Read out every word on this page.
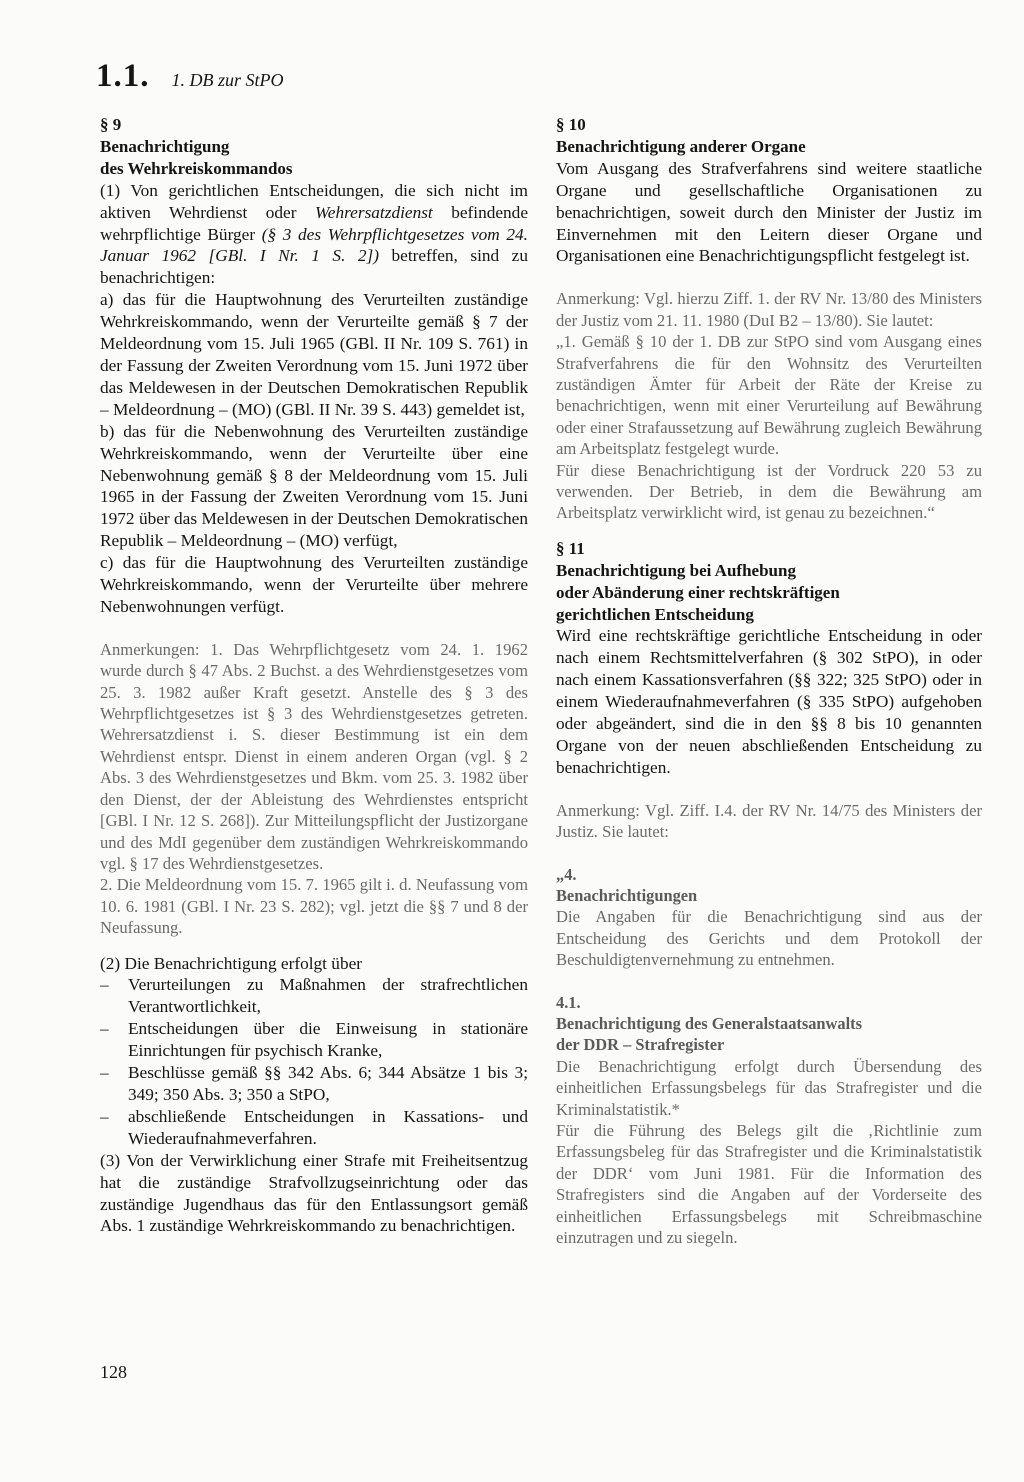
1.1. 1. DB zur StPO

§ 9

Benachrichtigung

des Wehrkreiskommandos

(1) Von gerichtlichen Entscheidungen, die sich nicht im aktiven Wehrdienst oder Wehrersatzdienst befindende wehrpflichtige Bürger (§ 3 des Wehrpflichtgesetzes vom 24. Januar 1962 [GBl. I Nr. 1 S. 2]) betreffen, sind zu benachrichtigen:

a) das für die Hauptwohnung des Verurteilten zuständige Wehrkreiskommando, wenn der Verurteilte gemäß § 7 der Meldeordnung vom 15. Juli 1965 (GBl. II Nr. 109 S. 761) in der Fassung der Zweiten Verordnung vom 15. Juni 1972 über das Meldewesen in der Deutschen Demokratischen Republik – Meldeordnung – (MO) (GBl. II Nr. 39 S. 443) gemeldet ist,

b) das für die Nebenwohnung des Verurteilten zuständige Wehrkreiskommando, wenn der Verurteilte über eine Nebenwohnung gemäß § 8 der Meldeordnung vom 15. Juli 1965 in der Fassung der Zweiten Verordnung vom 15. Juni 1972 über das Meldewesen in der Deutschen Demokratischen Republik – Meldeordnung – (MO) verfügt,

c) das für die Hauptwohnung des Verurteilten zuständige Wehrkreiskommando, wenn der Verurteilte über mehrere Nebenwohnungen verfügt.

Anmerkungen: 1. Das Wehrpflichtgesetz vom 24. 1. 1962 wurde durch § 47 Abs. 2 Buchst. a des Wehrdienstgesetzes vom 25. 3. 1982 außer Kraft gesetzt. Anstelle des § 3 des Wehrpflichtgesetzes ist § 3 des Wehrdienstgesetzes getreten. Wehrersatzdienst i. S. dieser Bestimmung ist ein dem Wehrdienst entspr. Dienst in einem anderen Organ (vgl. § 2 Abs. 3 des Wehrdienstgesetzes und Bkm. vom 25. 3. 1982 über den Dienst, der der Ableistung des Wehrdienstes entspricht [GBl. I Nr. 12 S. 268]). Zur Mitteilungspflicht der Justizorgane und des MdI gegenüber dem zuständigen Wehrkreiskommando vgl. § 17 des Wehrdienstgesetzes.

2. Die Meldeordnung vom 15. 7. 1965 gilt i. d. Neufassung vom 10. 6. 1981 (GBl. I Nr. 23 S. 282); vgl. jetzt die §§ 7 und 8 der Neufassung.

(2) Die Benachrichtigung erfolgt über

– Verurteilungen zu Maßnahmen der strafrechtlichen Verantwortlichkeit,
– Entscheidungen über die Einweisung in stationäre Einrichtungen für psychisch Kranke,
– Beschlüsse gemäß §§ 342 Abs. 6; 344 Absätze 1 bis 3; 349; 350 Abs. 3; 350 a StPO,
– abschließende Entscheidungen in Kassations- und Wiederaufnahmeverfahren.

(3) Von der Verwirklichung einer Strafe mit Freiheitsentzug hat die zuständige Strafvollzugseinrichtung oder das zuständige Jugendhaus das für den Entlassungsort gemäß Abs. 1 zuständige Wehrkreiskommando zu benachrichtigen.

§ 10

Benachrichtigung anderer Organe

Vom Ausgang des Strafverfahrens sind weitere staatliche Organe und gesellschaftliche Organisationen zu benachrichtigen, soweit durch den Minister der Justiz im Einvernehmen mit den Leitern dieser Organe und Organisationen eine Benachrichtigungspflicht festgelegt ist.

Anmerkung: Vgl. hierzu Ziff. 1. der RV Nr. 13/80 des Ministers der Justiz vom 21. 11. 1980 (DuI B2 – 13/80). Sie lautet:

„1. Gemäß § 10 der 1. DB zur StPO sind vom Ausgang eines Strafverfahrens die für den Wohnsitz des Verurteilten zuständigen Ämter für Arbeit der Räte der Kreise zu benachrichtigen, wenn mit einer Verurteilung auf Bewährung oder einer Strafaussetzung auf Bewährung zugleich Bewährung am Arbeitsplatz festgelegt wurde.

Für diese Benachrichtigung ist der Vordruck 220 53 zu verwenden. Der Betrieb, in dem die Bewährung am Arbeitsplatz verwirklicht wird, ist genau zu bezeichnen.“

§ 11

Benachrichtigung bei Aufhebung

oder Abänderung einer rechtskräftigen

gerichtlichen Entscheidung

Wird eine rechtskräftige gerichtliche Entscheidung in oder nach einem Rechtsmittelverfahren (§ 302 StPO), in oder nach einem Kassationsverfahren (§§ 322; 325 StPO) oder in einem Wiederaufnahmeverfahren (§ 335 StPO) aufgehoben oder abgeändert, sind die in den §§ 8 bis 10 genannten Organe von der neuen abschließenden Entscheidung zu benachrichtigen.

Anmerkung: Vgl. Ziff. I.4. der RV Nr. 14/75 des Ministers der Justiz. Sie lautet:

„4.

Benachrichtigungen

Die Angaben für die Benachrichtigung sind aus der Entscheidung des Gerichts und dem Protokoll der Beschuldigtenvernehmung zu entnehmen.

4.1.

Benachrichtigung des Generalstaatsanwalts

der DDR – Strafregister

Die Benachrichtigung erfolgt durch Übersendung des einheitlichen Erfassungsbelegs für das Strafregister und die Kriminalstatistik.*

Für die Führung des Belegs gilt die ‚Richtlinie zum Erfassungsbeleg für das Strafregister und die Kriminalstatistik der DDR‘ vom Juni 1981. Für die Information des Strafregisters sind die Angaben auf der Vorderseite des einheitlichen Erfassungsbelegs mit Schreibmaschine einzutragen und zu siegeln.

128
